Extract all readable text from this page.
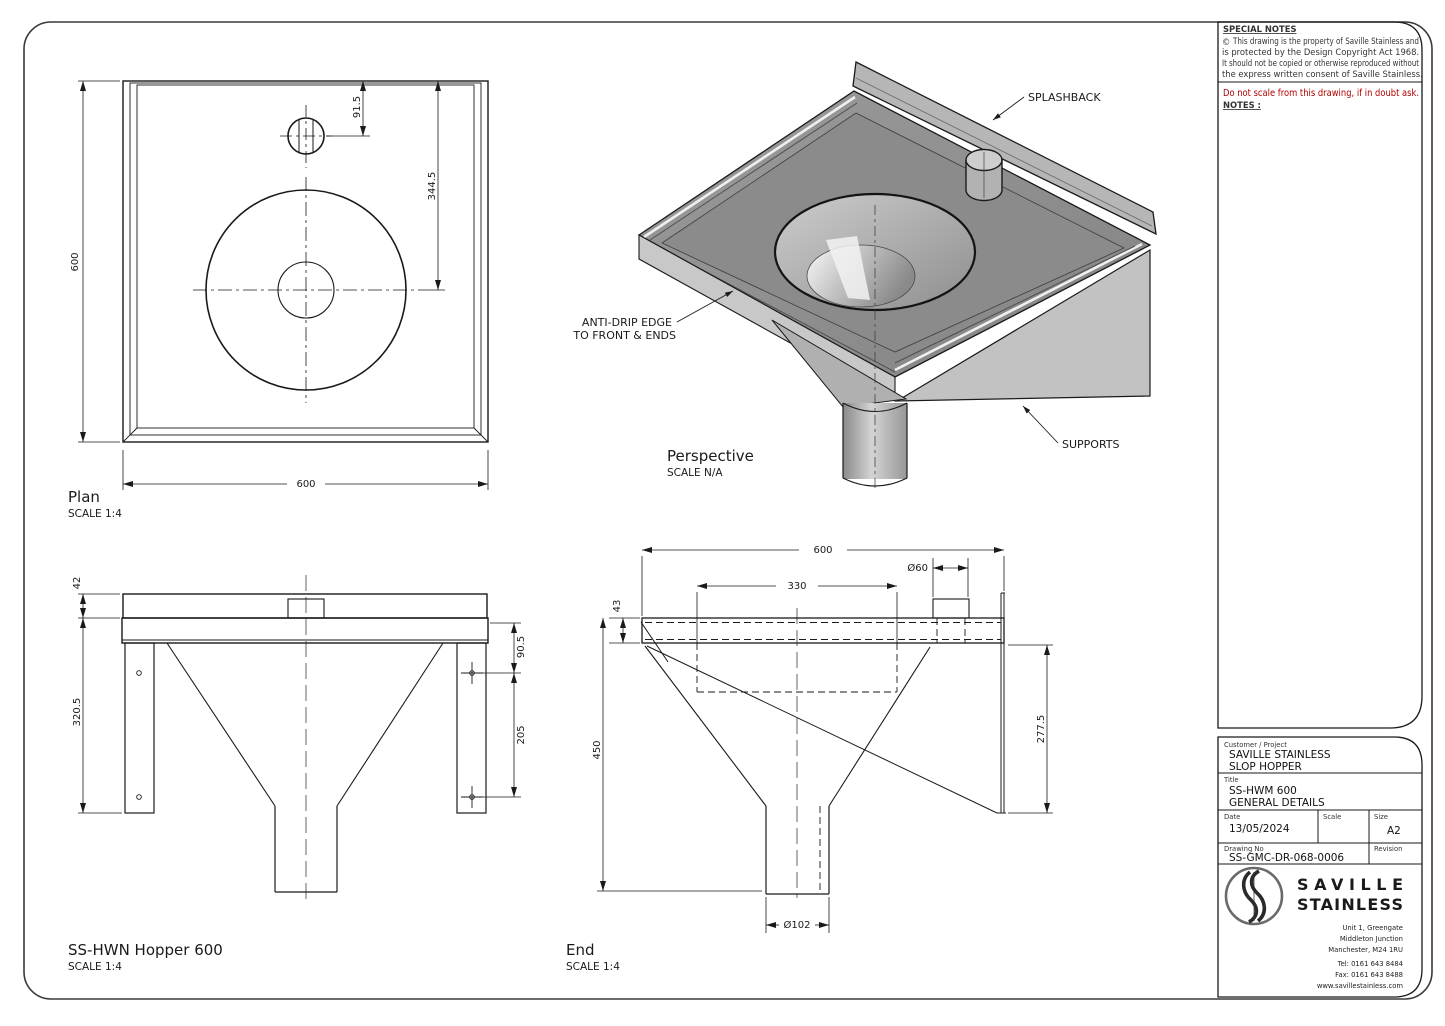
600
91.5
344.5
600
Plan
SCALE 1:4
SPLASHBACK
ANTI-DRIP EDGE
TO FRONT & ENDS
SUPPORTS
Perspective
SCALE N/A
42
320.5
90.5
205
SS-HWN Hopper 600
SCALE 1:4
600
330
Ø60
43
450
277.5
Ø102
End
SCALE 1:4
SPECIAL NOTES
© This drawing is the property of Saville Stainless and
is protected by the Design Copyright Act 1968.
It should not be copied or otherwise reproduced without
the express written consent of Saville Stainless.
Do not scale from this drawing, if in doubt ask.
NOTES :
Customer / Project
SAVILLE STAINLESS
SLOP HOPPER
Title
SS-HWM 600
GENERAL DETAILS
Date
13/05/2024
Scale	Size
A2
Drawing No
SS-GMC-DR-068-0006
Revision
SAVILLE
STAINLESS
Unit 1, Greengate
Middleton Junction
Manchester, M24 1RU
Tel: 0161 643 8484
Fax: 0161 643 8488
www.savillestainless.com
